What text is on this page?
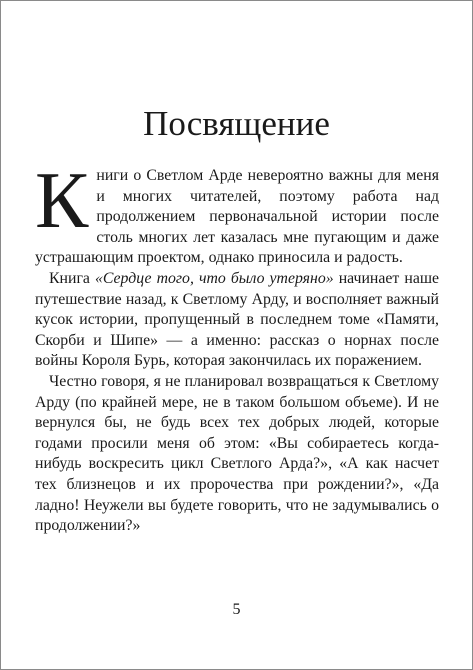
Посвящение

Книги о Светлом Арде невероятно важны для меня и многих читателей, поэтому работа над продолжением первоначальной истории после столь многих лет казалась мне пугающим и даже устрашающим проектом, однако приносила и радость.

Книга «Сердце того, что было утеряно» начинает наше путешествие назад, к Светлому Арду, и восполняет важный кусок истории, пропущенный в последнем томе «Памяти, Скорби и Шипе» — а именно: рассказ о норнах после войны Короля Бурь, которая закончилась их поражением.

Честно говоря, я не планировал возвращаться к Светлому Арду (по крайней мере, не в таком большом объеме). И не вернулся бы, не будь всех тех добрых людей, которые годами просили меня об этом: «Вы собираетесь когда-нибудь воскресить цикл Светлого Арда?», «А как насчет тех близнецов и их пророчества при рождении?», «Да ладно! Неужели вы будете говорить, что не задумывались о продолжении?»

5
